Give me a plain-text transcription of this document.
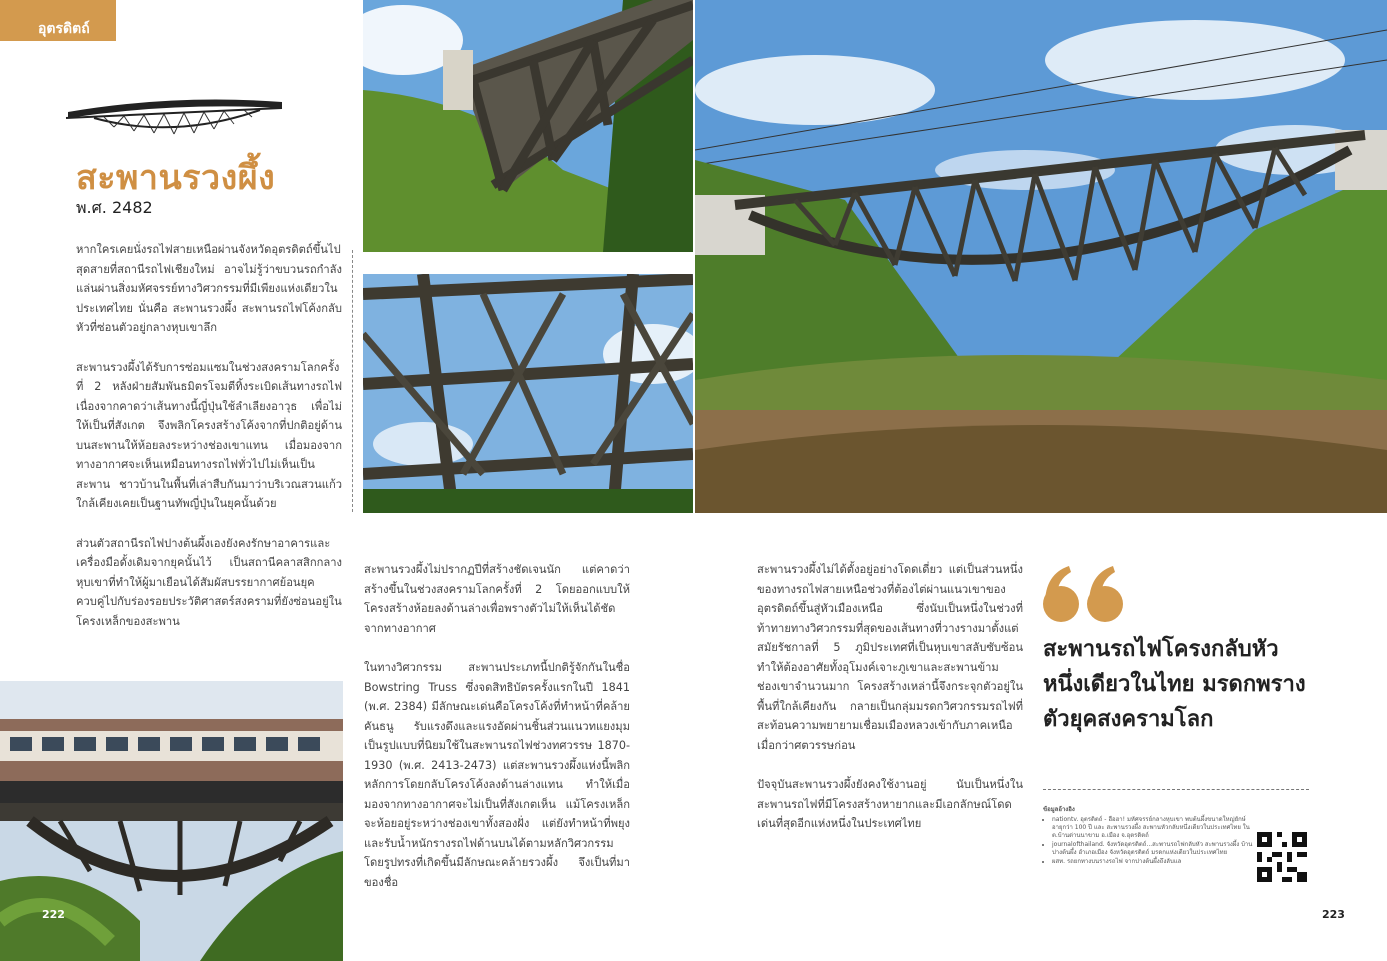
อุตรดิตถ์
สะพานรวงผึ้ง
พ.ศ. 2482

หากใครเคยนั่งรถไฟสายเหนือผ่านจังหวัดอุตรดิตถ์ขึ้นไปสุดสายที่สถานีรถไฟเชียงใหม่ อาจไม่รู้ว่าขบวนรถกำลังแล่นผ่านสิ่งมหัศจรรย์ทางวิศวกรรมที่มีเพียงแห่งเดียวในประเทศไทย นั่นคือ สะพานรวงผึ้ง สะพานรถไฟโค้งกลับหัวที่ซ่อนตัวอยู่กลางหุบเขาลึก

สะพานรวงผึ้งได้รับการซ่อมแซมในช่วงสงครามโลกครั้งที่ 2 หลังฝ่ายสัมพันธมิตรโจมตีทิ้งระเบิดเส้นทางรถไฟ เนื่องจากคาดว่าเส้นทางนี้ญี่ปุ่นใช้ลำเลียงอาวุธ เพื่อไม่ให้เป็นที่สังเกต จึงพลิกโครงสร้างโค้งจากที่ปกติอยู่ด้านบนสะพานให้ห้อยลงระหว่างช่องเขาแทน เมื่อมองจากทางอากาศจะเห็นเหมือนทางรถไฟทั่วไปไม่เห็นเป็นสะพาน ชาวบ้านในพื้นที่เล่าสืบกันมาว่าบริเวณสวนแก้วใกล้เคียงเคยเป็นฐานทัพญี่ปุ่นในยุคนั้นด้วย

ส่วนตัวสถานีรถไฟปางต้นผึ้งเองยังคงรักษาอาคารและเครื่องมือดั้งเดิมจากยุคนั้นไว้ เป็นสถานีคลาสสิกกลางหุบเขาที่ทำให้ผู้มาเยือนได้สัมผัสบรรยากาศย้อนยุคควบคู่ไปกับร่องรอยประวัติศาสตร์สงครามที่ยังซ่อนอยู่ในโครงเหล็กของสะพาน

222

สะพานรวงผึ้งไม่ปรากฏปีที่สร้างชัดเจนนัก แต่คาดว่าสร้างขึ้นในช่วงสงครามโลกครั้งที่ 2 โดยออกแบบให้โครงสร้างห้อยลงด้านล่างเพื่อพรางตัวไม่ให้เห็นได้ชัดจากทางอากาศ

ในทางวิศวกรรม สะพานประเภทนี้ปกติรู้จักกันในชื่อ Bowstring Truss ซึ่งจดสิทธิบัตรครั้งแรกในปี 1841 (พ.ศ. 2384) มีลักษณะเด่นคือโครงโค้งที่ทำหน้าที่คล้ายคันธนู รับแรงดึงและแรงอัดผ่านชิ้นส่วนแนวทแยงมุม เป็นรูปแบบที่นิยมใช้ในสะพานรถไฟช่วงทศวรรษ 1870-1930 (พ.ศ. 2413-2473) แต่สะพานรวงผึ้งแห่งนี้พลิกหลักการโดยกลับโครงโค้งลงด้านล่างแทน ทำให้เมื่อมองจากทางอากาศจะไม่เป็นที่สังเกตเห็น แม้โครงเหล็กจะห้อยอยู่ระหว่างช่องเขาทั้งสองฝั่ง แต่ยังทำหน้าที่พยุงและรับน้ำหนักรางรถไฟด้านบนได้ตามหลักวิศวกรรม โดยรูปทรงที่เกิดขึ้นมีลักษณะคล้ายรวงผึ้ง จึงเป็นที่มาของชื่อ

สะพานรวงผึ้งไม่ได้ตั้งอยู่อย่างโดดเดี่ยว แต่เป็นส่วนหนึ่งของทางรถไฟสายเหนือช่วงที่ต้องไต่ผ่านแนวเขาของอุตรดิตถ์ขึ้นสู่หัวเมืองเหนือ ซึ่งนับเป็นหนึ่งในช่วงที่ท้าทายทางวิศวกรรมที่สุดของเส้นทางที่วางรางมาตั้งแต่สมัยรัชกาลที่ 5 ภูมิประเทศที่เป็นหุบเขาสลับซับซ้อน ทำให้ต้องอาศัยทั้งอุโมงค์เจาะภูเขาและสะพานข้ามช่องเขาจำนวนมาก โครงสร้างเหล่านี้จึงกระจุกตัวอยู่ในพื้นที่ใกล้เคียงกัน กลายเป็นกลุ่มมรดกวิศวกรรมรถไฟที่สะท้อนความพยายามเชื่อมเมืองหลวงเข้ากับภาคเหนือเมื่อกว่าศตวรรษก่อน

ปัจจุบันสะพานรวงผึ้งยังคงใช้งานอยู่ นับเป็นหนึ่งในสะพานรถไฟที่มีโครงสร้างหายากและมีเอกลักษณ์โดดเด่นที่สุดอีกแห่งหนึ่งในประเทศไทย

สะพานรถไฟโครงกลับหัว หนึ่งเดียวในไทย มรดกพรางตัวยุคสงครามโลก
ข้อมูลอ้างอิง
• nationtv. อุตรดิตถ์ - ฮือฮา! มหัศจรรย์กลางหุบเขา พบต้นผึ้งขนาดใหญ่ยักษ์ อายุกว่า 100 ปี และ สะพานรวงผึ้ง สะพานหัวกลับหนึ่งเดียวในประเทศไทย ใน ต.บ้านด่านนาขาม อ.เมือง จ.อุตรดิตถ์
• journalofthailand. จังหวัดอุตรดิตถ์...สะพานรถไฟกลับหัว สะพานรวงผึ้ง บ้านปางต้นผึ้ง อำเภอเมือง จังหวัดอุตรดิตถ์ มรดกแห่งเดียวในประเทศไทย
• ผสท. รถยกทางบนรางรถไฟ จากปางต้นผึ้งถึงลับแล
223
